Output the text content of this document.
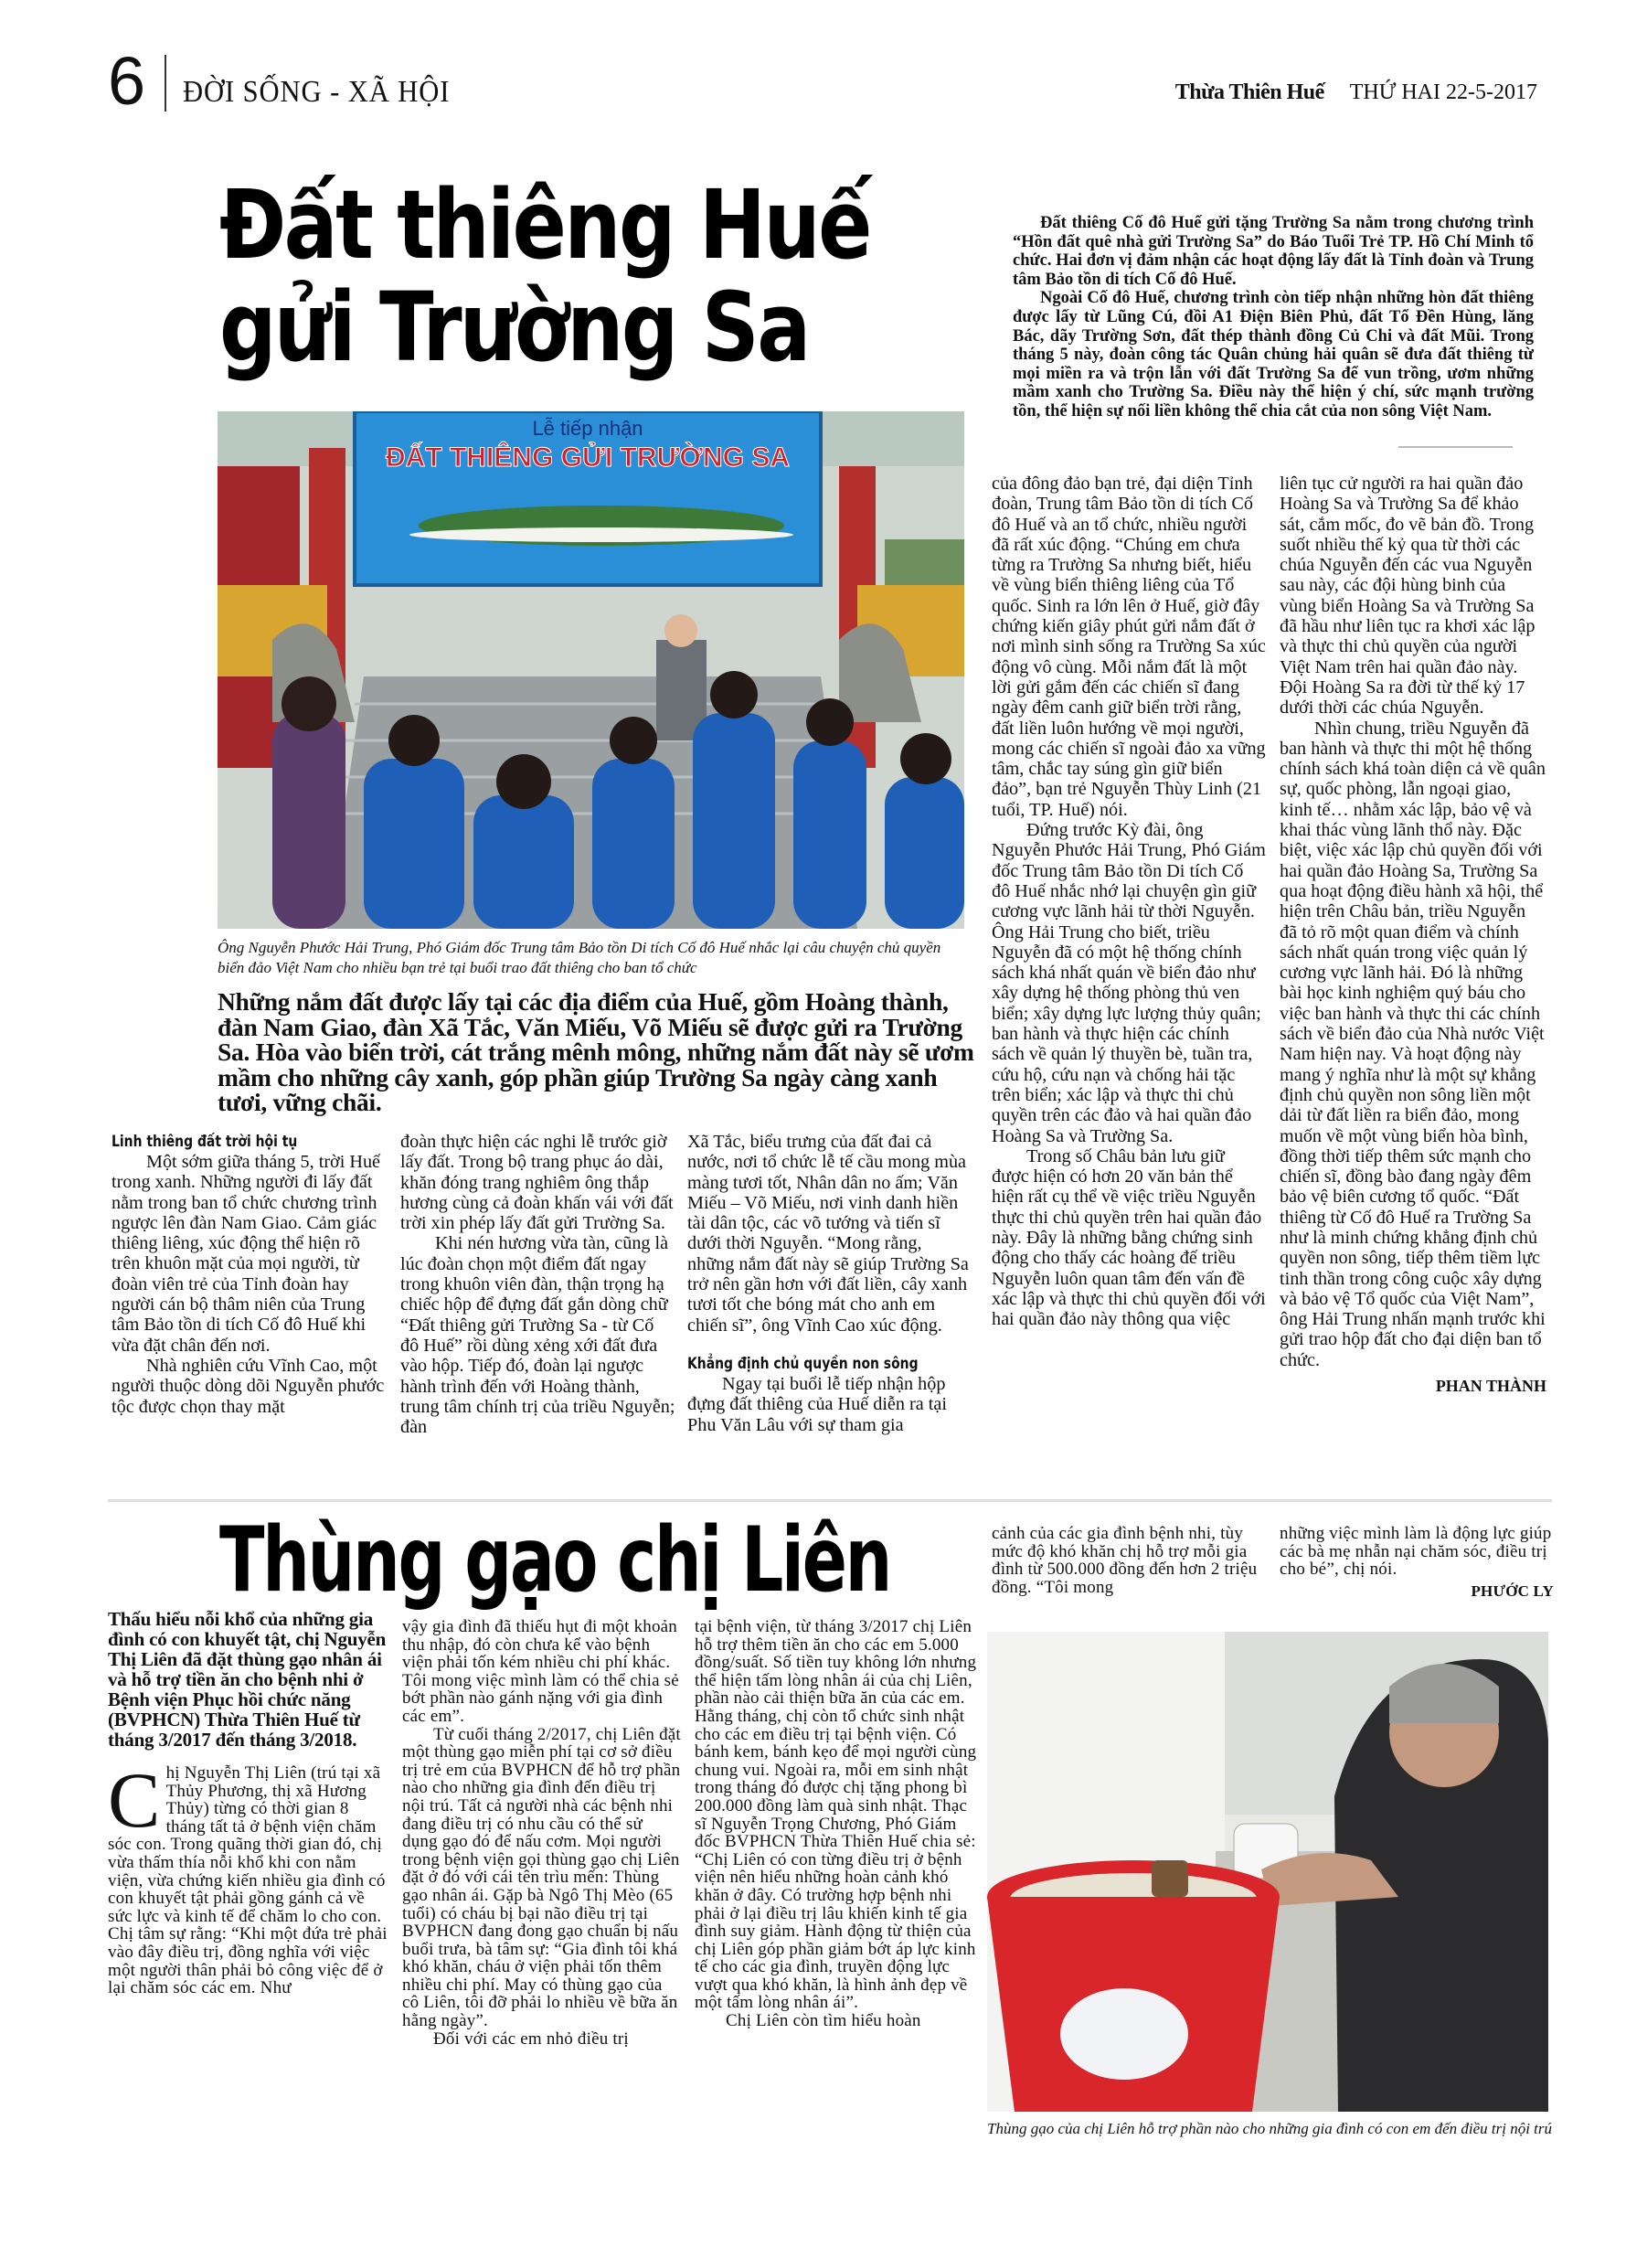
6 ĐỜI SỐNG - XÃ HỘI	Thừa Thiên Huế THỨ HAI 22-5-2017
Đất thiêng Huế
gửi Trường Sa

Đất thiêng Cố đô Huế gửi tặng Trường Sa nằm trong chương trình “Hồn đất quê nhà gửi Trường Sa” do Báo Tuổi Trẻ TP. Hồ Chí Minh tổ chức. Hai đơn vị đảm nhận các hoạt động lấy đất là Tỉnh đoàn và Trung tâm Bảo tồn di tích Cố đô Huế.

Ngoài Cố đô Huế, chương trình còn tiếp nhận những hòn đất thiêng được lấy từ Lũng Cú, đồi A1 Điện Biên Phủ, đất Tổ Đền Hùng, lăng Bác, dãy Trường Sơn, đất thép thành đồng Củ Chi và đất Mũi. Trong tháng 5 này, đoàn công tác Quân chủng hải quân sẽ đưa đất thiêng từ mọi miền ra và trộn lẫn với đất Trường Sa để vun trồng, ươm những mầm xanh cho Trường Sa. Điều này thể hiện ý chí, sức mạnh trường tồn, thể hiện sự nối liền không thể chia cắt của non sông Việt Nam.

Lễ tiếp nhận
ĐẤT THIÊNG GỬI TRƯỜNG SA
Ông Nguyễn Phước Hải Trung, Phó Giám đốc Trung tâm Bảo tồn Di tích Cố đô Huế nhắc lại câu chuyện chủ quyền biển đảo Việt Nam cho nhiều bạn trẻ tại buổi trao đất thiêng cho ban tổ chức
Những nắm đất được lấy tại các địa điểm của Huế, gồm Hoàng thành, đàn Nam Giao, đàn Xã Tắc, Văn Miếu, Võ Miếu sẽ được gửi ra Trường Sa. Hòa vào biển trời, cát trắng mênh mông, những nắm đất này sẽ ươm mầm cho những cây xanh, góp phần giúp Trường Sa ngày càng xanh tươi, vững chãi.
Linh thiêng đất trời hội tụ

Một sớm giữa tháng 5, trời Huế trong xanh. Những người đi lấy đất nằm trong ban tổ chức chương trình ngược lên đàn Nam Giao. Cảm giác thiêng liêng, xúc động thể hiện rõ trên khuôn mặt của mọi người, từ đoàn viên trẻ của Tỉnh đoàn hay người cán bộ thâm niên của Trung tâm Bảo tồn di tích Cố đô Huế khi vừa đặt chân đến nơi.

Nhà nghiên cứu Vĩnh Cao, một người thuộc dòng dõi Nguyễn phước tộc được chọn thay mặt

đoàn thực hiện các nghi lễ trước giờ lấy đất. Trong bộ trang phục áo dài, khăn đóng trang nghiêm ông thắp hương cùng cả đoàn khấn vái với đất trời xin phép lấy đất gửi Trường Sa.

Khi nén hương vừa tàn, cũng là lúc đoàn chọn một điểm đất ngay trong khuôn viên đàn, thận trọng hạ chiếc hộp để đựng đất gắn dòng chữ “Đất thiêng gửi Trường Sa - từ Cố đô Huế” rồi dùng xẻng xới đất đưa vào hộp. Tiếp đó, đoàn lại ngược hành trình đến với Hoàng thành, trung tâm chính trị của triều Nguyễn; đàn

Xã Tắc, biểu trưng của đất đai cả nước, nơi tổ chức lễ tế cầu mong mùa màng tươi tốt, Nhân dân no ấm; Văn Miếu – Võ Miếu, nơi vinh danh hiền tài dân tộc, các võ tướng và tiến sĩ dưới thời Nguyễn. “Mong rằng, những nắm đất này sẽ giúp Trường Sa trở nên gần hơn với đất liền, cây xanh tươi tốt che bóng mát cho anh em chiến sĩ”, ông Vĩnh Cao xúc động.

Khẳng định chủ quyền non sông

Ngay tại buổi lễ tiếp nhận hộp đựng đất thiêng của Huế diễn ra tại Phu Văn Lâu với sự tham gia

của đông đảo bạn trẻ, đại diện Tỉnh đoàn, Trung tâm Bảo tồn di tích Cố đô Huế và an tổ chức, nhiều người đã rất xúc động. “Chúng em chưa từng ra Trường Sa nhưng biết, hiểu về vùng biển thiêng liêng của Tổ quốc. Sinh ra lớn lên ở Huế, giờ đây chứng kiến giây phút gửi nắm đất ở nơi mình sinh sống ra Trường Sa xúc động vô cùng. Mỗi nắm đất là một lời gửi gắm đến các chiến sĩ đang ngày đêm canh giữ biển trời rằng, đất liền luôn hướng về mọi người, mong các chiến sĩ ngoài đảo xa vững tâm, chắc tay súng gìn giữ biển đảo”, bạn trẻ Nguyễn Thùy Linh (21 tuổi, TP. Huế) nói.

Đứng trước Kỳ đài, ông Nguyễn Phước Hải Trung, Phó Giám đốc Trung tâm Bảo tồn Di tích Cố đô Huế nhắc nhớ lại chuyện gìn giữ cương vực lãnh hải từ thời Nguyễn. Ông Hải Trung cho biết, triều Nguyễn đã có một hệ thống chính sách khá nhất quán về biển đảo như xây dựng hệ thống phòng thủ ven biển; xây dựng lực lượng thủy quân; ban hành và thực hiện các chính sách về quản lý thuyền bè, tuần tra, cứu hộ, cứu nạn và chống hải tặc trên biển; xác lập và thực thi chủ quyền trên các đảo và hai quần đảo Hoàng Sa và Trường Sa.

Trong số Châu bản lưu giữ được hiện có hơn 20 văn bản thể hiện rất cụ thể về việc triều Nguyễn thực thi chủ quyền trên hai quần đảo này. Đây là những bằng chứng sinh động cho thấy các hoàng đế triều Nguyễn luôn quan tâm đến vấn đề xác lập và thực thi chủ quyền đối với hai quần đảo này thông qua việc

liên tục cử người ra hai quần đảo Hoàng Sa và Trường Sa để khảo sát, cắm mốc, đo vẽ bản đồ. Trong suốt nhiều thế kỷ qua từ thời các chúa Nguyễn đến các vua Nguyễn sau này, các đội hùng binh của vùng biển Hoàng Sa và Trường Sa đã hầu như liên tục ra khơi xác lập và thực thi chủ quyền của người Việt Nam trên hai quần đảo này. Đội Hoàng Sa ra đời từ thế kỷ 17 dưới thời các chúa Nguyễn.

Nhìn chung, triều Nguyễn đã ban hành và thực thi một hệ thống chính sách khá toàn diện cả về quân sự, quốc phòng, lẫn ngoại giao, kinh tế… nhằm xác lập, bảo vệ và khai thác vùng lãnh thổ này. Đặc biệt, việc xác lập chủ quyền đối với hai quần đảo Hoàng Sa, Trường Sa qua hoạt động điều hành xã hội, thể hiện trên Châu bản, triều Nguyễn đã tỏ rõ một quan điểm và chính sách nhất quán trong việc quản lý cương vực lãnh hải. Đó là những bài học kinh nghiệm quý báu cho việc ban hành và thực thi các chính sách về biển đảo của Nhà nước Việt Nam hiện nay. Và hoạt động này mang ý nghĩa như là một sự khẳng định chủ quyền non sông liền một dải từ đất liền ra biển đảo, mong muốn về một vùng biển hòa bình, đồng thời tiếp thêm sức mạnh cho chiến sĩ, đồng bào đang ngày đêm bảo vệ biên cương tổ quốc. “Đất thiêng từ Cố đô Huế ra Trường Sa như là minh chứng khẳng định chủ quyền non sông, tiếp thêm tiềm lực tinh thần trong công cuộc xây dựng và bảo vệ Tổ quốc của Việt Nam”, ông Hải Trung nhấn mạnh trước khi gửi trao hộp đất cho đại diện ban tổ chức.

PHAN THÀNH
Thùng gạo chị Liên
Thấu hiểu nỗi khổ của những gia đình có con khuyết tật, chị Nguyễn Thị Liên đã đặt thùng gạo nhân ái và hỗ trợ tiền ăn cho bệnh nhi ở Bệnh viện Phục hồi chức năng (BVPHCN) Thừa Thiên Huế từ tháng 3/2017 đến tháng 3/2018.
C hị Nguyễn Thị Liên (trú tại xã Thủy Phương, thị xã Hương Thủy) từng có thời gian 8 tháng tất tả ở bệnh viện chăm sóc con. Trong quãng thời gian đó, chị vừa thấm thía nỗi khổ khi con nằm viện, vừa chứng kiến nhiều gia đình có con khuyết tật phải gồng gánh cả về sức lực và kinh tế để chăm lo cho con. Chị tâm sự rằng: “Khi một đứa trẻ phải vào đây điều trị, đồng nghĩa với việc một người thân phải bỏ công việc để ở lại chăm sóc các em. Như

vậy gia đình đã thiếu hụt đi một khoản thu nhập, đó còn chưa kể vào bệnh viện phải tốn kém nhiều chi phí khác. Tôi mong việc mình làm có thể chia sẻ bớt phần nào gánh nặng với gia đình các em”.

Từ cuối tháng 2/2017, chị Liên đặt một thùng gạo miễn phí tại cơ sở điều trị trẻ em của BVPHCN để hỗ trợ phần nào cho những gia đình đến điều trị nội trú. Tất cả người nhà các bệnh nhi đang điều trị có nhu cầu có thể sử dụng gạo đó để nấu cơm. Mọi người trong bệnh viện gọi thùng gạo chị Liên đặt ở đó với cái tên trìu mến: Thùng gạo nhân ái. Gặp bà Ngô Thị Mèo (65 tuổi) có cháu bị bại não điều trị tại BVPHCN đang đong gạo chuẩn bị nấu buổi trưa, bà tâm sự: “Gia đình tôi khá khó khăn, cháu ở viện phải tốn thêm nhiều chi phí. May có thùng gạo của cô Liên, tôi đỡ phải lo nhiều về bữa ăn hằng ngày”.

Đối với các em nhỏ điều trị

tại bệnh viện, từ tháng 3/2017 chị Liên hỗ trợ thêm tiền ăn cho các em 5.000 đồng/suất. Số tiền tuy không lớn nhưng thể hiện tấm lòng nhân ái của chị Liên, phần nào cải thiện bữa ăn của các em. Hằng tháng, chị còn tổ chức sinh nhật cho các em điều trị tại bệnh viện. Có bánh kem, bánh kẹo để mọi người cùng chung vui. Ngoài ra, mỗi em sinh nhật trong tháng đó được chị tặng phong bì 200.000 đồng làm quà sinh nhật. Thạc sĩ Nguyễn Trọng Chương, Phó Giám đốc BVPHCN Thừa Thiên Huế chia sẻ: “Chị Liên có con từng điều trị ở bệnh viện nên hiểu những hoàn cảnh khó khăn ở đây. Có trường hợp bệnh nhi phải ở lại điều trị lâu khiến kinh tế gia đình suy giảm. Hành động từ thiện của chị Liên góp phần giảm bớt áp lực kinh tế cho các gia đình, truyền động lực vượt qua khó khăn, là hình ảnh đẹp về một tấm lòng nhân ái”.

Chị Liên còn tìm hiểu hoàn

cảnh của các gia đình bệnh nhi, tùy mức độ khó khăn chị hỗ trợ mỗi gia đình từ 500.000 đồng đến hơn 2 triệu đồng. “Tôi mong

những việc mình làm là động lực giúp các bà mẹ nhẫn nại chăm sóc, điều trị cho bé”, chị nói.

PHƯỚC LY
Thùng gạo của chị Liên hỗ trợ phần nào cho những gia đình có con em đến điều trị nội trú
